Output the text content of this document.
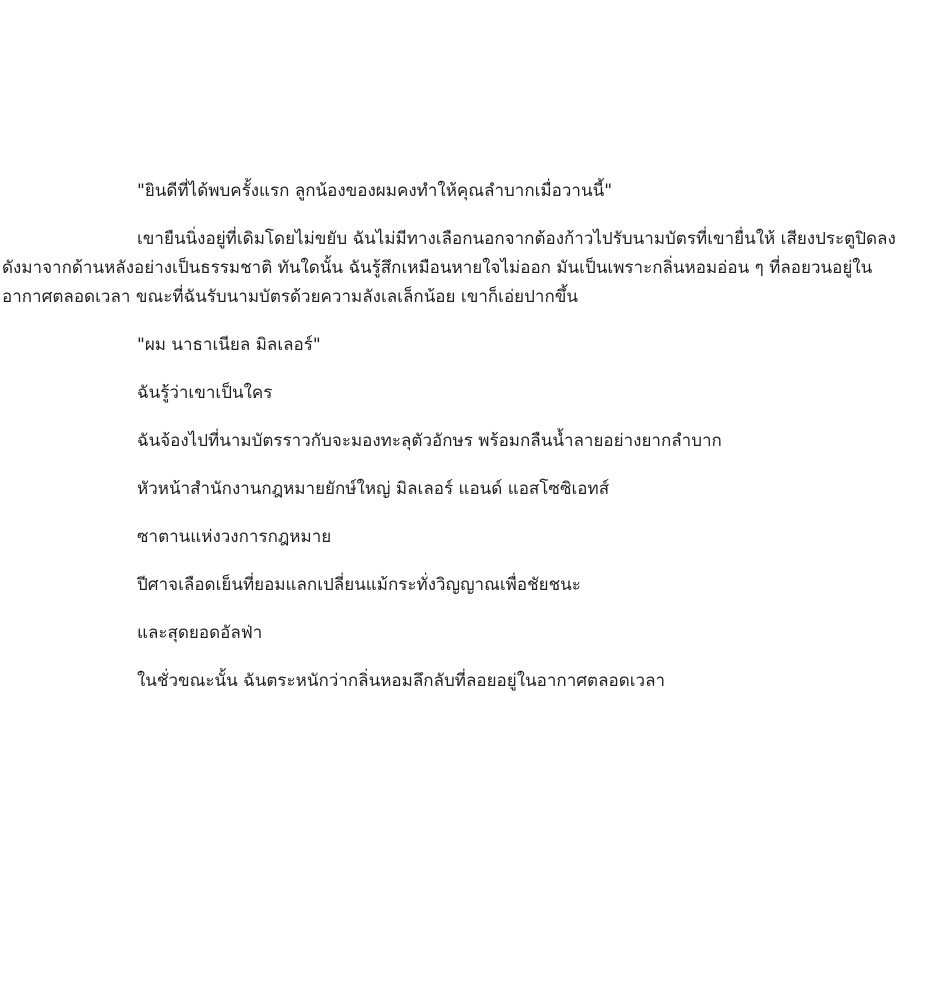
"ยินดีที่ได้พบครั้งแรก ลูกน้องของผมคงทำให้คุณลำบากเมื่อวานนี้"

เขายืนนิ่งอยู่ที่เดิมโดยไม่ขยับ ฉันไม่มีทางเลือกนอกจากต้องก้าวไปรับนามบัตรที่เขายื่นให้ เสียงประตูปิดลงดังมาจากด้านหลังอย่างเป็นธรรมชาติ ทันใดนั้น ฉันรู้สึกเหมือนหายใจไม่ออก มันเป็นเพราะกลิ่นหอมอ่อน ๆ ที่ลอยวนอยู่ในอากาศตลอดเวลา ขณะที่ฉันรับนามบัตรด้วยความลังเลเล็กน้อย เขาก็เอ่ยปากขึ้น

"ผม นาธาเนียล มิลเลอร์"

ฉันรู้ว่าเขาเป็นใคร

ฉันจ้องไปที่นามบัตรราวกับจะมองทะลุตัวอักษร พร้อมกลืนน้ำลายอย่างยากลำบาก

หัวหน้าสำนักงานกฎหมายยักษ์ใหญ่ มิลเลอร์ แอนด์ แอสโซซิเอทส์

ซาตานแห่งวงการกฎหมาย

ปีศาจเลือดเย็นที่ยอมแลกเปลี่ยนแม้กระทั่งวิญญาณเพื่อชัยชนะ

และสุดยอดอัลฟ่า

ในชั่วขณะนั้น ฉันตระหนักว่ากลิ่นหอมลึกลับที่ลอยอยู่ในอากาศตลอดเวลา
